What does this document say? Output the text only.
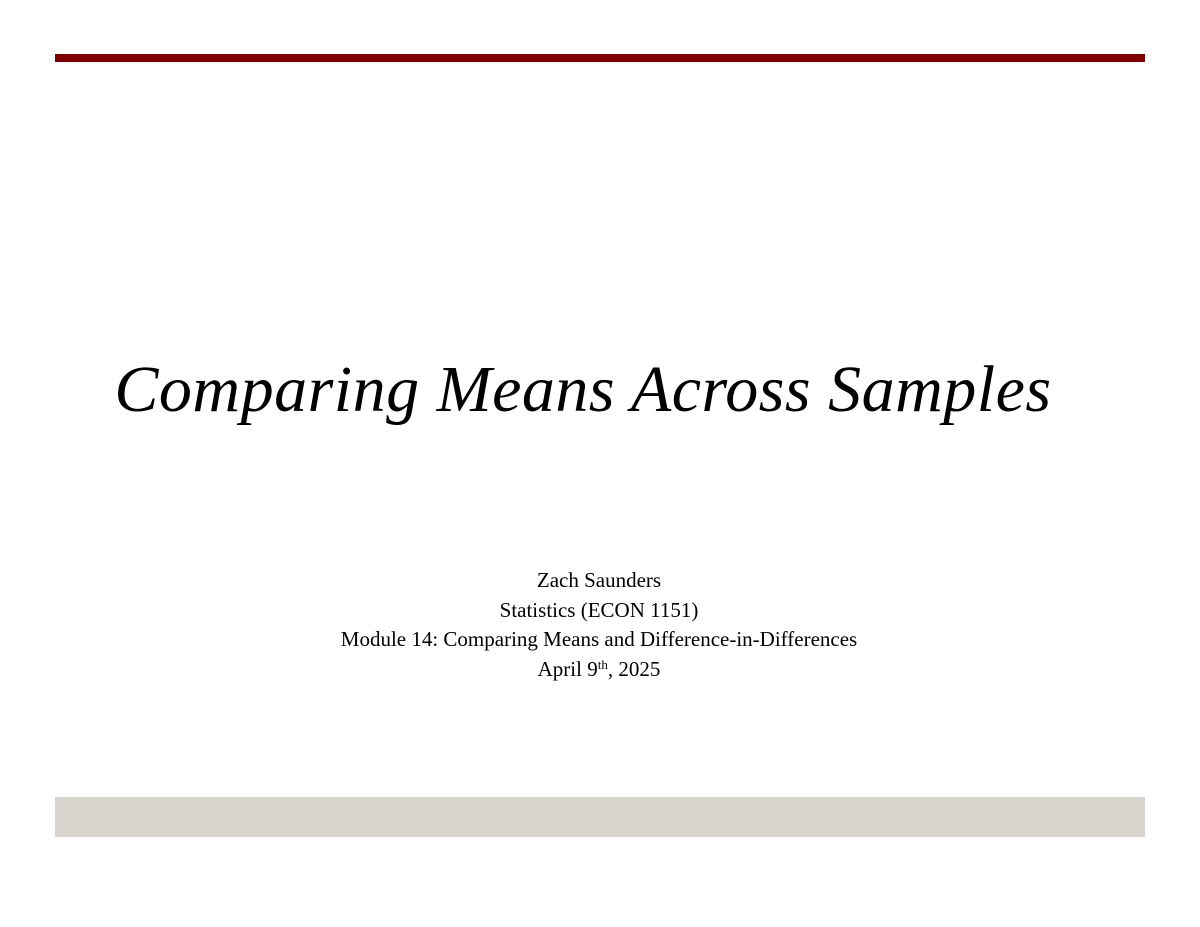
Comparing Means Across Samples
Zach Saunders
Statistics (ECON 1151)
Module 14: Comparing Means and Difference-in-Differences
April 9th, 2025
